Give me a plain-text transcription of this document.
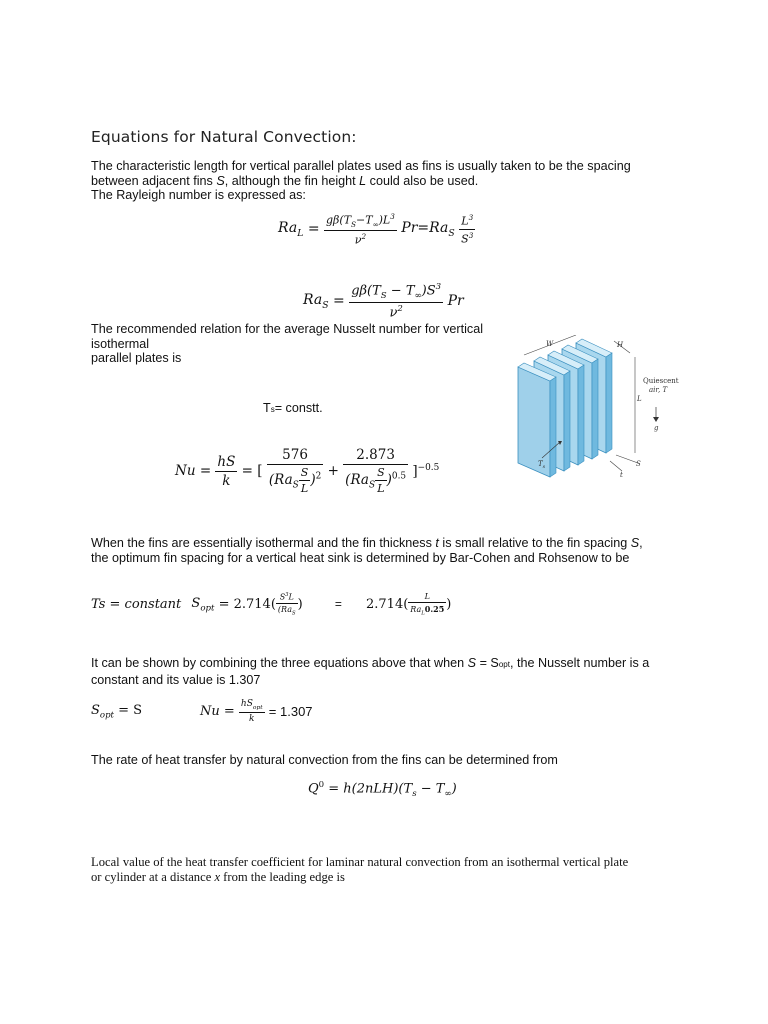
Equations for Natural Convection:
The characteristic length for vertical parallel plates used as fins is usually taken to be the spacing
between adjacent fins S, although the fin height L could also be used.
The Rayleigh number is expressed as:
$Ra_L = \frac{g\beta(T_S-T_\infty)L^3}{\nu^2} Pr=Ra_S \frac{L^3}{S^3}$
$Ra_S = \frac{g\beta(T_S - T_\infty)S^3}{\nu^2}$ Pr
The recommended relation for the average Nusselt number for vertical
isothermal
parallel plates is
Ts= constt.
W	H
L
Quiescent
air, T
g
$T_s$	S
t
$Nu = \frac{hS}{k}$ = [ $\frac{576}{(Ra_S \frac{S}{L} )^2} + \frac{2.873}{(Ra_S \frac{S}{L} )^{0.5}} ]^{-0.5}$
When the fins are essentially isothermal and the fin thickness t is small relative to the fin spacing S,
the optimum fin spacing for a vertical heat sink is determined by Bar-Cohen and Rohsenow to be
Ts = constant $S_{opt} = 2.714( \frac{S^3L}{(Ra_S}$ )	= $2.714( \frac{L}{Ra_L0.25}$ )
It can be shown by combining the three equations above that when S = Sopt, the Nusselt number is a
constant and its value is 1.307
$S_{opt} = S$	$Nu = \frac{hS_{opt}}{k} = 1.307$
The rate of heat transfer by natural convection from the fins can be determined from
$Q^0 = h(2nLH)(T_s - T_\infty)$
Local value of the heat transfer coefficient for laminar natural convection from an isothermal vertical plate
or cylinder at a distance x from the leading edge is
